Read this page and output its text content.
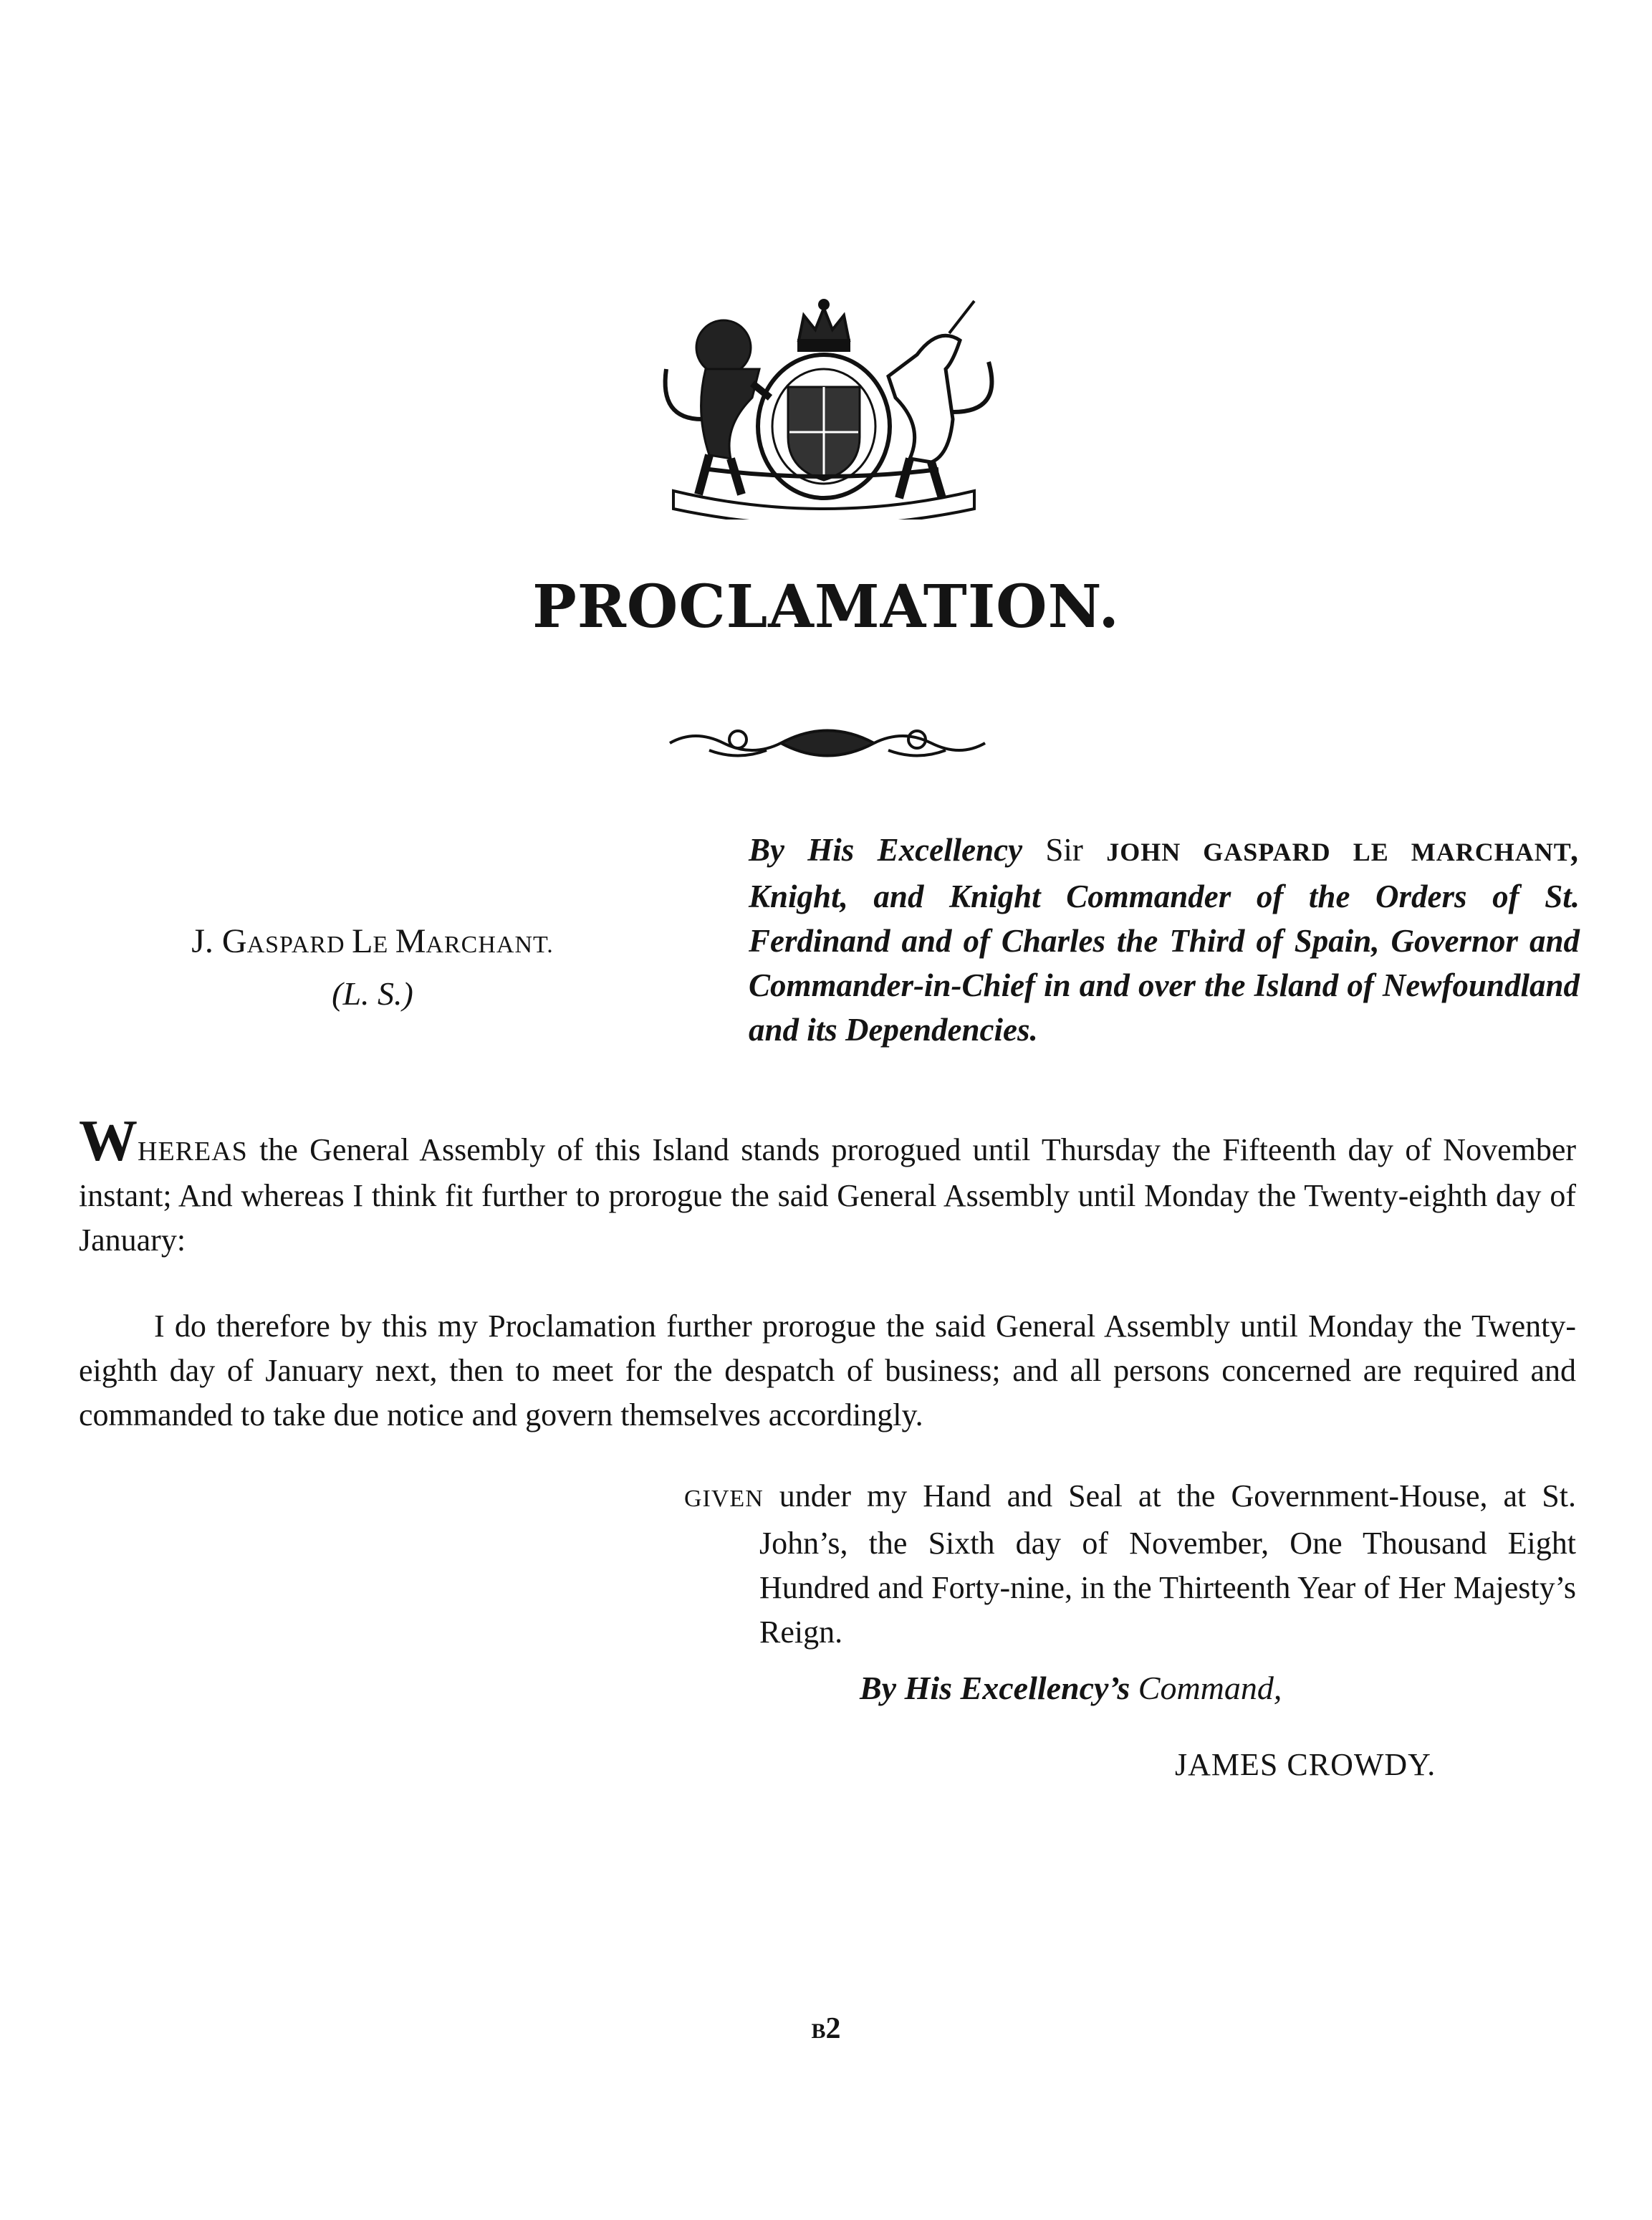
PROCLAMATION.
J. GASPARD LE MARCHANT.
(L. S.)
By His Excellency Sir JOHN GASPARD LE MARCHANT, Knight, and Knight Commander of the Orders of St. Ferdinand and of Charles the Third of Spain, Governor and Commander-in-Chief in and over the Island of Newfoundland and its Dependencies.
WHEREAS the General Assembly of this Island stands prorogued until Thursday the Fifteenth day of November instant; And whereas I think fit further to prorogue the said General Assembly until Monday the Twenty-eighth day of January:
I do therefore by this my Proclamation further prorogue the said General Assembly until Monday the Twenty-eighth day of January next, then to meet for the despatch of business; and all persons concerned are required and commanded to take due notice and govern themselves accordingly.
GIVEN under my Hand and Seal at the Government-House, at St. John’s, the Sixth day of November, One Thousand Eight Hundred and Forty-nine, in the Thirteenth Year of Her Majesty’s Reign.
By His Excellency’s Command,
JAMES CROWDY.
B2
